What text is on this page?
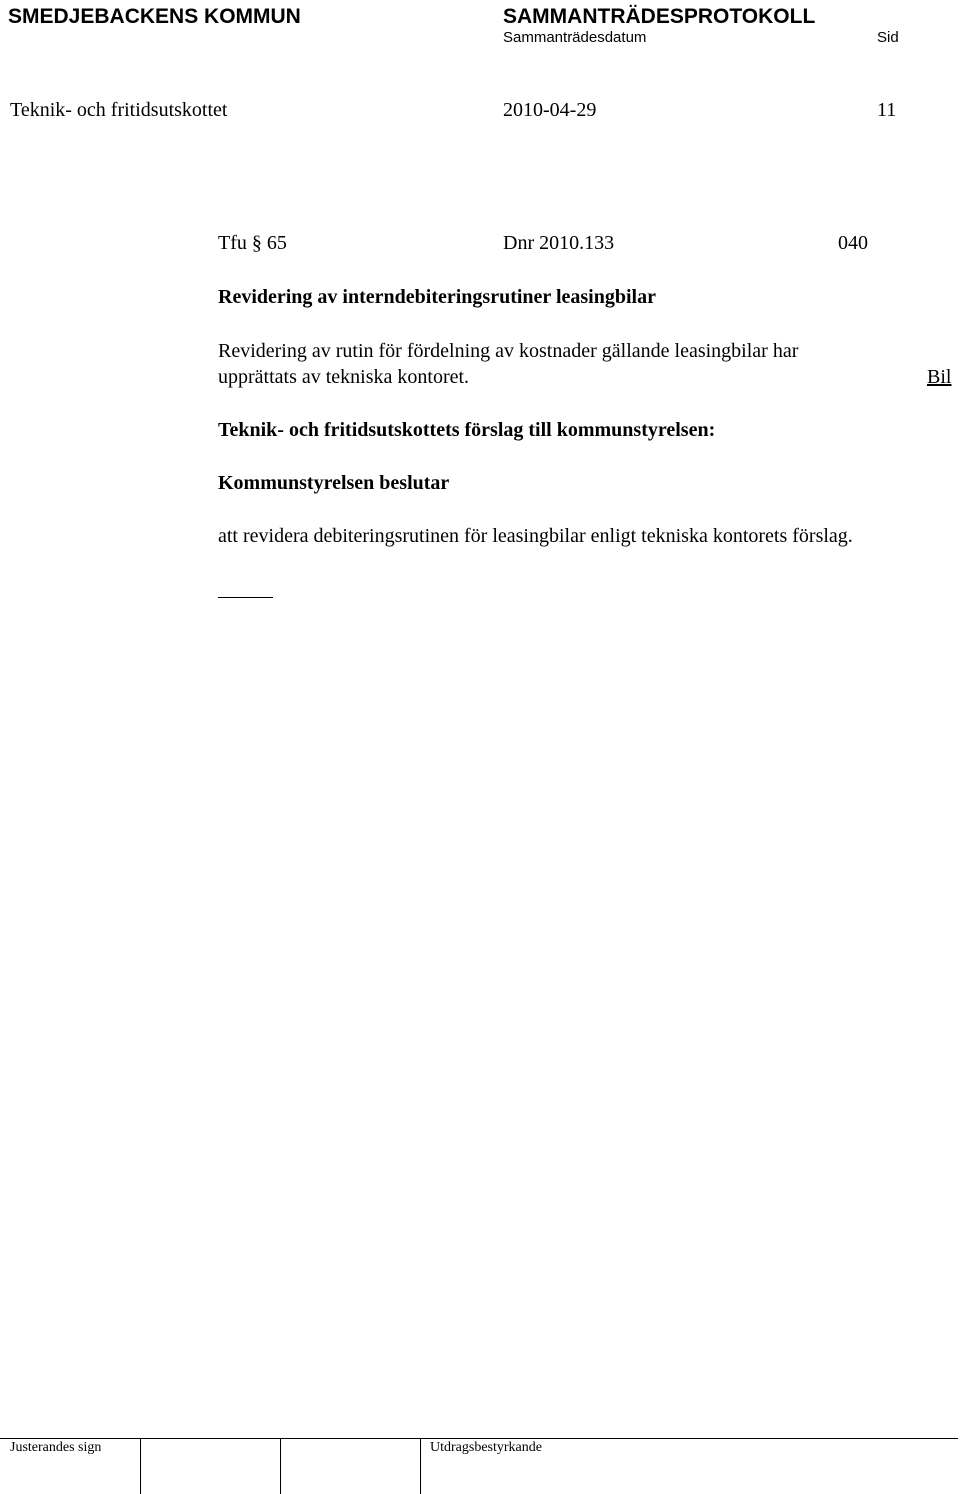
SMEDJEBACKENS KOMMUN	SAMMANTRÄDESPROTOKOLL
Sammanträdesdatum	Sid
Teknik- och fritidsutskottet	2010-04-29	11
Tfu § 65	Dnr 2010.133	040
Revidering av interndebiteringsrutiner leasingbilar
Revidering av rutin för fördelning av kostnader gällande leasingbilar har
upprättats av tekniska kontoret.	Bil
Teknik- och fritidsutskottets förslag till kommunstyrelsen:
Kommunstyrelsen beslutar
att revidera debiteringsrutinen för leasingbilar enligt tekniska kontorets förslag.
Justerandes sign	Utdragsbestyrkande
